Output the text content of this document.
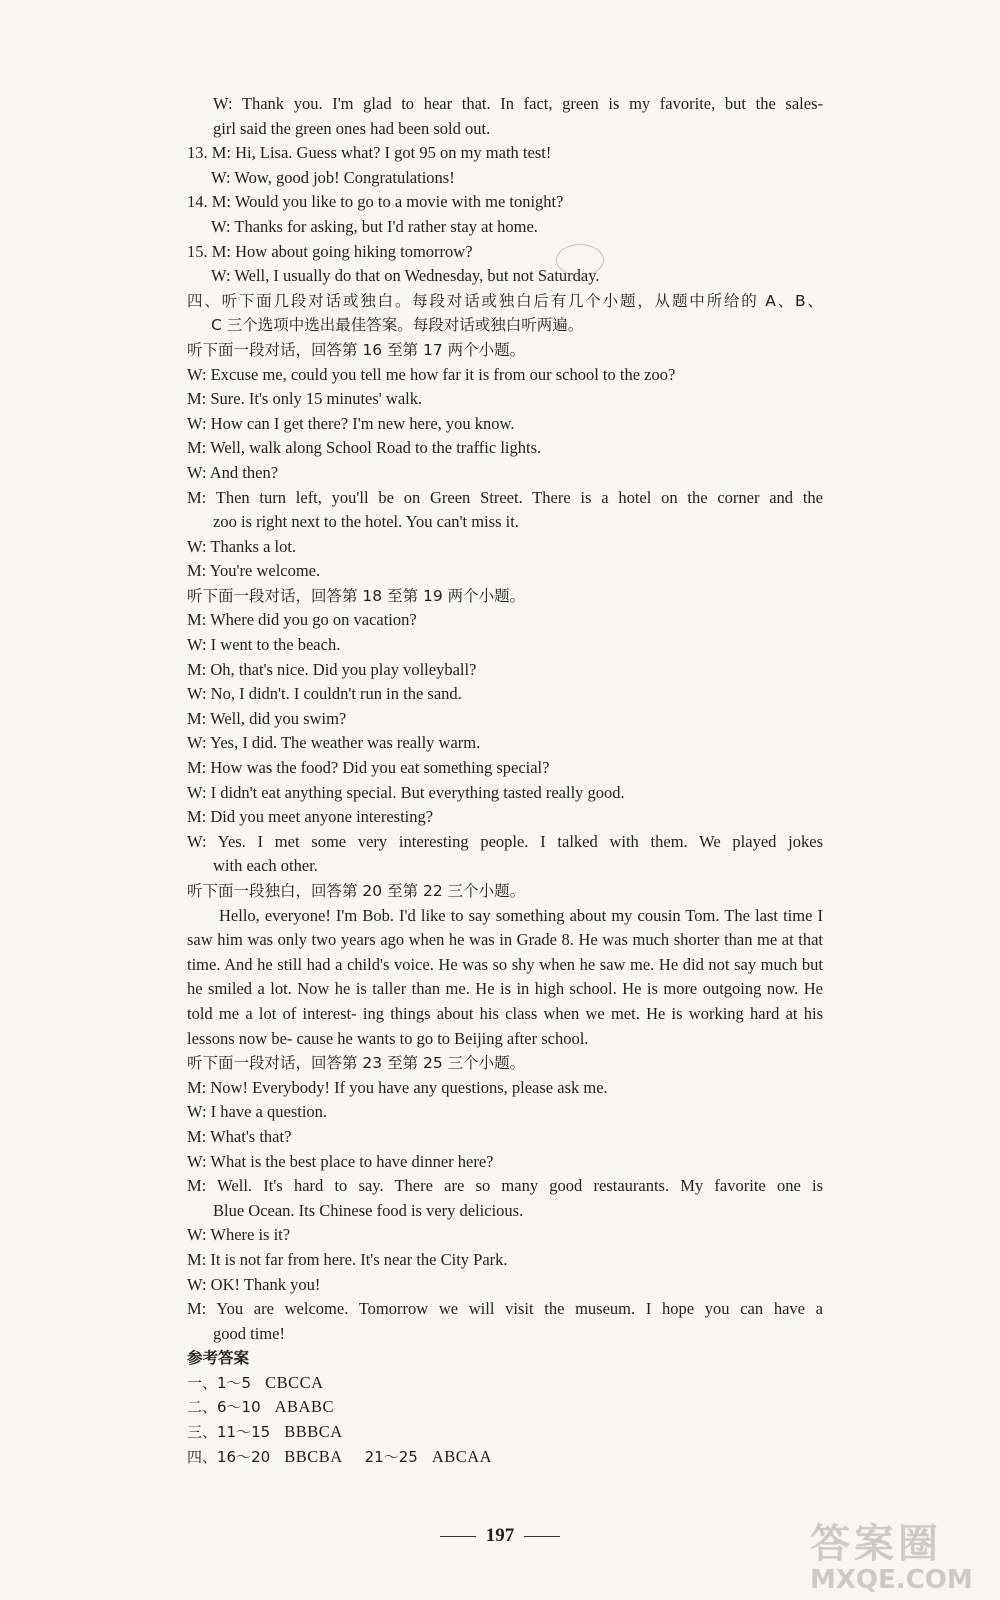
W: Thank you. I'm glad to hear that. In fact, green is my favorite, but the sales-
girl said the green ones had been sold out.
13. M: Hi, Lisa. Guess what? I got 95 on my math test!
W: Wow, good job! Congratulations!
14. M: Would you like to go to a movie with me tonight?
W: Thanks for asking, but I'd rather stay at home.
15. M: How about going hiking tomorrow?
W: Well, I usually do that on Wednesday, but not Saturday.
四、听下面几段对话或独白。每段对话或独白后有几个小题，从题中所给的 A、B、
C 三个选项中选出最佳答案。每段对话或独白听两遍。
听下面一段对话，回答第 16 至第 17 两个小题。
W: Excuse me, could you tell me how far it is from our school to the zoo?
M: Sure. It's only 15 minutes' walk.
W: How can I get there? I'm new here, you know.
M: Well, walk along School Road to the traffic lights.
W: And then?
M: Then turn left, you'll be on Green Street. There is a hotel on the corner and the
zoo is right next to the hotel. You can't miss it.
W: Thanks a lot.
M: You're welcome.
听下面一段对话，回答第 18 至第 19 两个小题。
M: Where did you go on vacation?
W: I went to the beach.
M: Oh, that's nice. Did you play volleyball?
W: No, I didn't. I couldn't run in the sand.
M: Well, did you swim?
W: Yes, I did. The weather was really warm.
M: How was the food? Did you eat something special?
W: I didn't eat anything special. But everything tasted really good.
M: Did you meet anyone interesting?
W: Yes. I met some very interesting people. I talked with them. We played jokes
with each other.
听下面一段独白，回答第 20 至第 22 三个小题。
Hello, everyone! I'm Bob. I'd like to say something about my cousin Tom. The last time I saw him was only two years ago when he was in Grade 8. He was much shorter than me at that time. And he still had a child's voice. He was so shy when he saw me. He did not say much but he smiled a lot. Now he is taller than me. He is in high school. He is more outgoing now. He told me a lot of interest- ing things about his class when we met. He is working hard at his lessons now be- cause he wants to go to Beijing after school.
听下面一段对话，回答第 23 至第 25 三个小题。
M: Now! Everybody! If you have any questions, please ask me.
W: I have a question.
M: What's that?
W: What is the best place to have dinner here?
M: Well. It's hard to say. There are so many good restaurants. My favorite one is
Blue Ocean. Its Chinese food is very delicious.
W: Where is it?
M: It is not far from here. It's near the City Park.
W: OK! Thank you!
M: You are welcome. Tomorrow we will visit the museum. I hope you can have a
good time!
参考答案
一、1～5 CBCCA
二、6～10 ABABC
三、11～15 BBBCA
四、16～20 BBCBA 21～25 ABCAA
197	答案圈
MXQE.COM
